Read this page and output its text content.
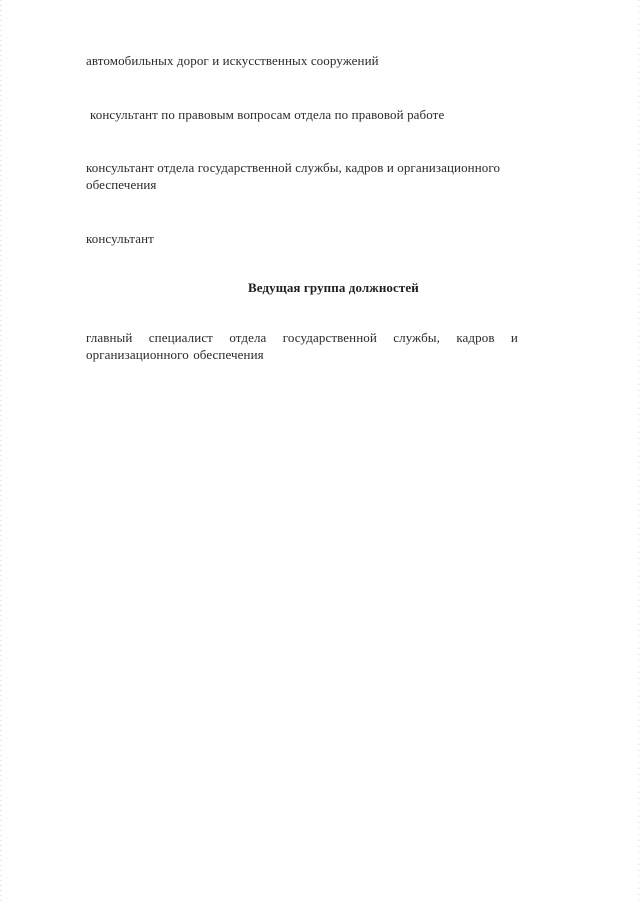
автомобильных дорог и искусственных сооружений
консультант по правовым вопросам отдела по правовой работе
консультант отдела государственной службы, кадров и организационного обеспечения
консультант
Ведущая группа должностей
главный специалист отдела государственной службы, кадров и организационного обеспечения
